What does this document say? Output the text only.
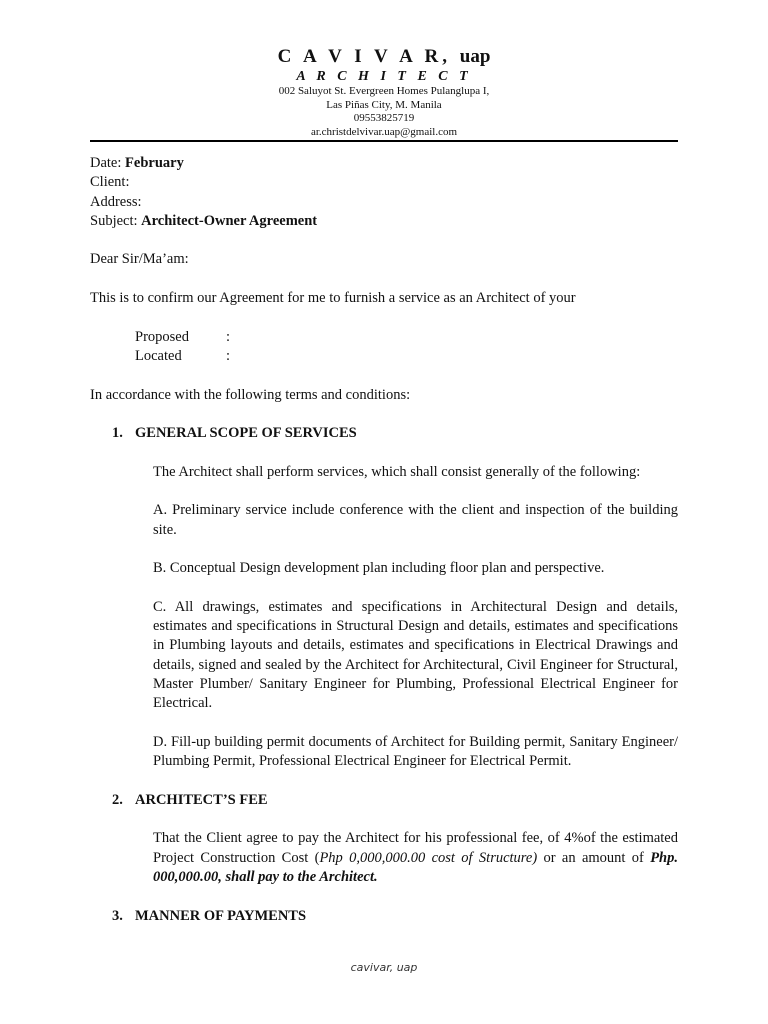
C A V I V A R, uap
A R C H I T E C T
002 Saluyot St. Evergreen Homes Pulanglupa I,
Las Piñas City, M. Manila
09553825719
ar.christdelvivar.uap@gmail.com

Date: February

Client:

Address:

Subject: Architect-Owner Agreement

Dear Sir/Ma’am:

This is to confirm our Agreement for me to furnish a service as an Architect of your

Proposed	:
Located	:

In accordance with the following terms and conditions:

1. GENERAL SCOPE OF SERVICES

The Architect shall perform services, which shall consist generally of the following:

A. Preliminary service include conference with the client and inspection of the building site.

B. Conceptual Design development plan including floor plan and perspective.

C. All drawings, estimates and specifications in Architectural Design and details, estimates and specifications in Structural Design and details, estimates and specifications in Plumbing layouts and details, estimates and specifications in Electrical Drawings and details, signed and sealed by the Architect for Architectural, Civil Engineer for Structural, Master Plumber/ Sanitary Engineer for Plumbing, Professional Electrical Engineer for Electrical.

D. Fill-up building permit documents of Architect for Building permit, Sanitary Engineer/ Plumbing Permit, Professional Electrical Engineer for Electrical Permit.

2. ARCHITECT’S FEE

That the Client agree to pay the Architect for his professional fee, of 4%of the estimated Project Construction Cost (Php 0,000,000.00 cost of Structure) or an amount of Php. 000,000.00, shall pay to the Architect.

3. MANNER OF PAYMENTS
cavivar, uap
